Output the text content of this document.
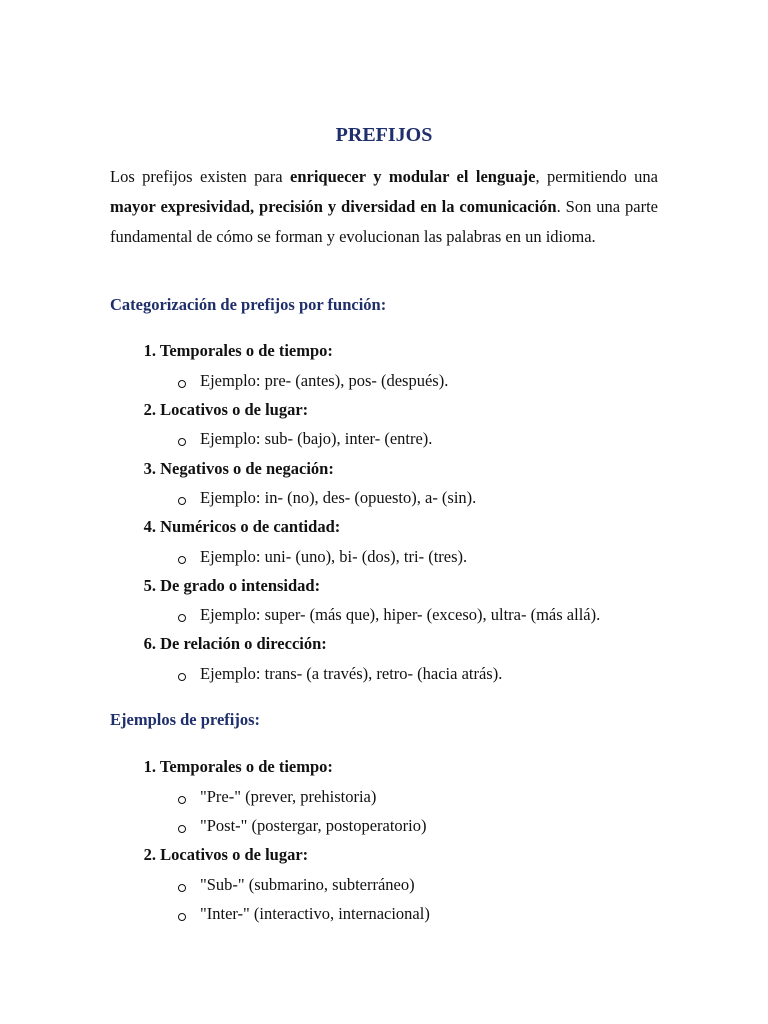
PREFIJOS
Los prefijos existen para enriquecer y modular el lenguaje, permitiendo una mayor expresividad, precisión y diversidad en la comunicación. Son una parte fundamental de cómo se forman y evolucionan las palabras en un idioma.
Categorización de prefijos por función:
1. Temporales o de tiempo:
Ejemplo: pre- (antes), pos- (después).
2. Locativos o de lugar:
Ejemplo: sub- (bajo), inter- (entre).
3. Negativos o de negación:
Ejemplo: in- (no), des- (opuesto), a- (sin).
4. Numéricos o de cantidad:
Ejemplo: uni- (uno), bi- (dos), tri- (tres).
5. De grado o intensidad:
Ejemplo: super- (más que), hiper- (exceso), ultra- (más allá).
6. De relación o dirección:
Ejemplo: trans- (a través), retro- (hacia atrás).
Ejemplos de prefijos:
1. Temporales o de tiempo:
"Pre-" (prever, prehistoria)
"Post-" (postergar, postoperatorio)
2. Locativos o de lugar:
"Sub-" (submarino, subterráneo)
"Inter-" (interactivo, internacional)
